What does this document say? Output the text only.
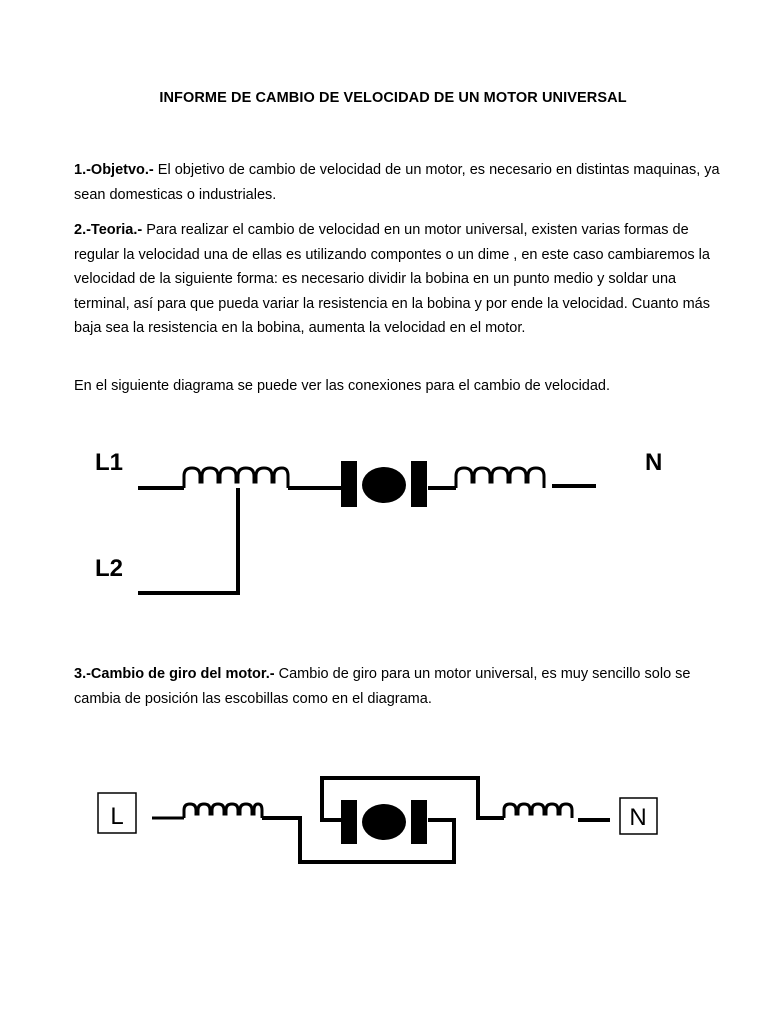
INFORME DE CAMBIO DE VELOCIDAD DE UN MOTOR UNIVERSAL
1.-Objetvo.- El objetivo de cambio de velocidad de un motor, es necesario en distintas maquinas, ya sean domesticas o industriales.
2.-Teoria.- Para realizar el cambio de velocidad en un motor universal, existen varias formas de regular la velocidad una de ellas es utilizando compontes o un dime , en este caso cambiaremos la velocidad de la siguiente forma: es necesario dividir la bobina en un punto medio y soldar una terminal, así para que pueda variar la resistencia en la bobina y por ende la velocidad. Cuanto más baja sea la resistencia en la bobina, aumenta la velocidad en el motor.
En el siguiente diagrama se puede ver las conexiones para el cambio de velocidad.
L1	N
L2
3.-Cambio de giro del motor.- Cambio de giro para un motor universal, es muy sencillo solo se cambia de posición las escobillas como en el diagrama.
L	N
